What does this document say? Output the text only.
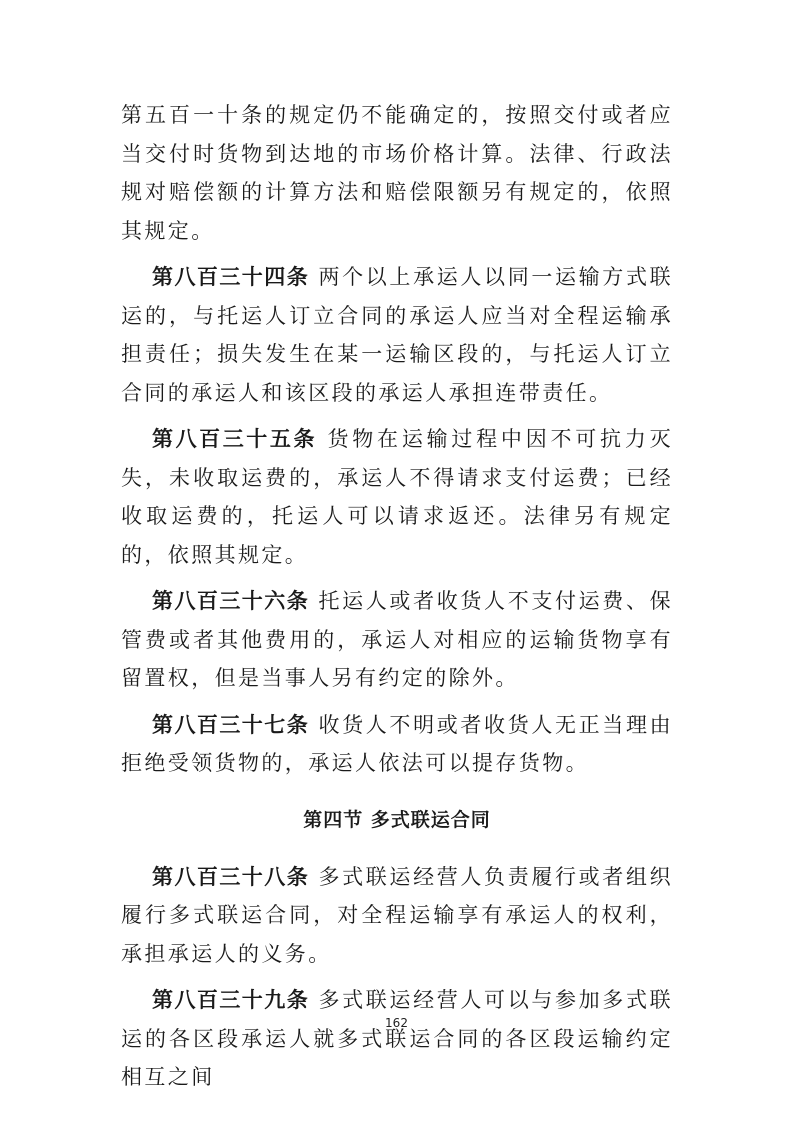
第五百一十条的规定仍不能确定的，按照交付或者应当交付时货物到达地的市场价格计算。法律、行政法规对赔偿额的计算方法和赔偿限额另有规定的，依照其规定。

第八百三十四条 两个以上承运人以同一运输方式联运的，与托运人订立合同的承运人应当对全程运输承担责任；损失发生在某一运输区段的，与托运人订立合同的承运人和该区段的承运人承担连带责任。

第八百三十五条 货物在运输过程中因不可抗力灭失，未收取运费的，承运人不得请求支付运费；已经收取运费的，托运人可以请求返还。法律另有规定的，依照其规定。

第八百三十六条 托运人或者收货人不支付运费、保管费或者其他费用的，承运人对相应的运输货物享有留置权，但是当事人另有约定的除外。

第八百三十七条 收货人不明或者收货人无正当理由拒绝受领货物的，承运人依法可以提存货物。

第四节 多式联运合同

第八百三十八条 多式联运经营人负责履行或者组织履行多式联运合同，对全程运输享有承运人的权利，承担承运人的义务。

第八百三十九条 多式联运经营人可以与参加多式联运的各区段承运人就多式联运合同的各区段运输约定相互之间

162
